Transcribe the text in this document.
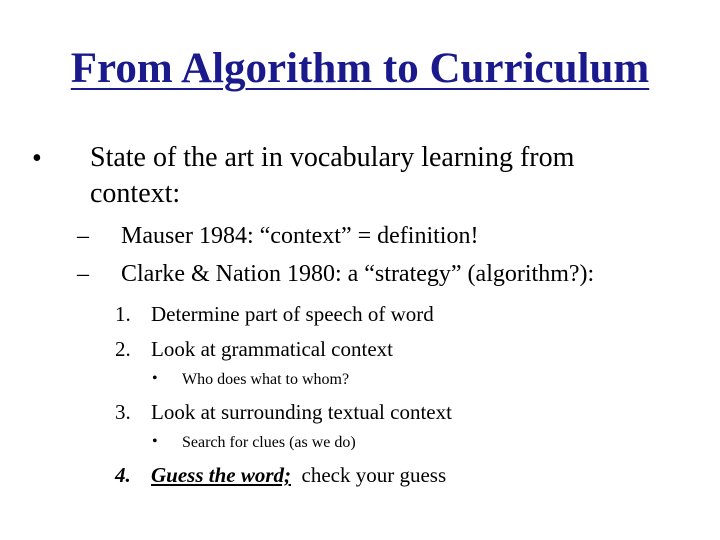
From Algorithm to Curriculum
• State of the art in vocabulary learning from
context:
– Mauser 1984: “context” = definition!
– Clarke & Nation 1980: a “strategy” (algorithm?):
1. Determine part of speech of word
2. Look at grammatical context
• Who does what to whom?
3. Look at surrounding textual context
• Search for clues (as we do)
4. Guess the word;  check your guess
